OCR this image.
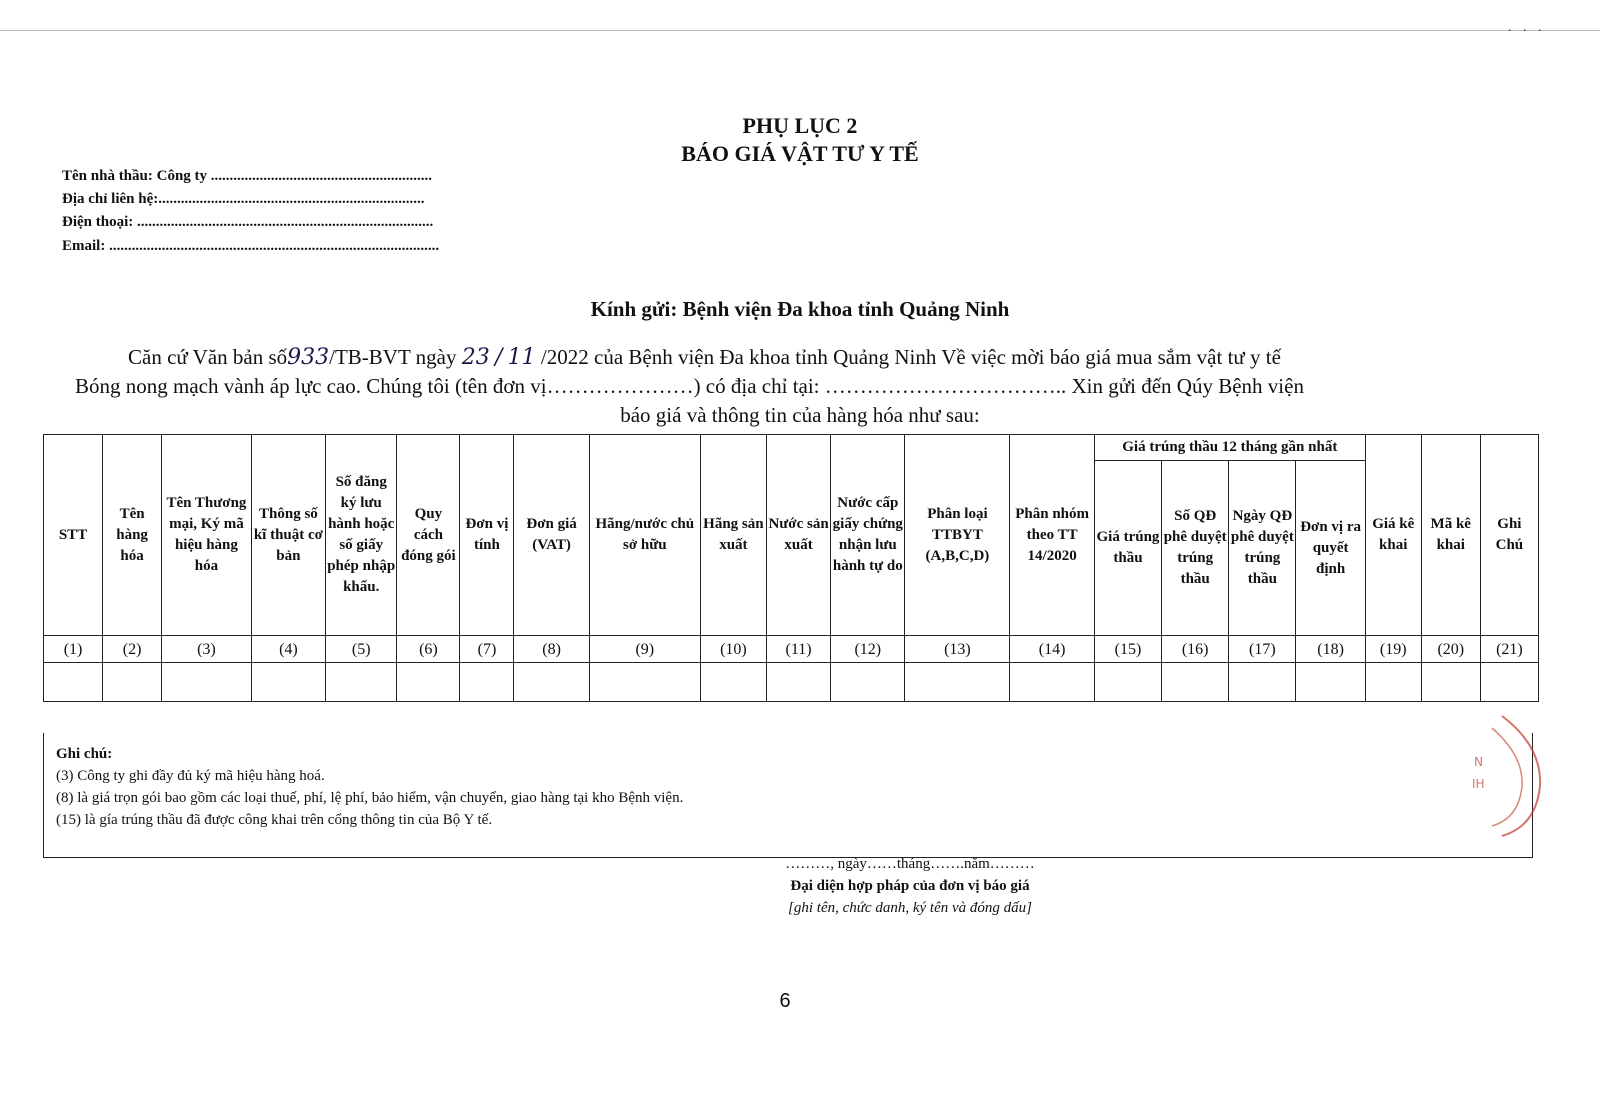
. . .
PHỤ LỤC 2
BÁO GIÁ VẬT TƯ Y TẾ
Tên nhà thầu: Công ty ...........................................................
Địa chỉ liên hệ:.......................................................................
Điện thoại: ...............................................................................
Email: ........................................................................................
Kính gửi: Bệnh viện Đa khoa tỉnh Quảng Ninh
Căn cứ Văn bản số933/TB-BVT ngày 23 / 11 /2022 của Bệnh viện Đa khoa tỉnh Quảng Ninh Về việc mời báo giá mua sắm vật tư y tế
Bóng nong mạch vành áp lực cao. Chúng tôi (tên đơn vị…………………) có địa chỉ tại: …………………………….. Xin gửi đến Qúy Bệnh viện
báo giá và thông tin của hàng hóa như sau:
STT	Tên hàng hóa	Tên Thương mại, Ký mã hiệu hàng hóa	Thông số kĩ thuật cơ bản	Số đăng ký lưu hành hoặc số giấy phép nhập khẩu.	Quy cách đóng gói	Đơn vị tính	Đơn giá (VAT)	Hãng/nước chủ sở hữu	Hãng sản xuất	Nước sản xuất	Nước cấp giấy chứng nhận lưu hành tự do	Phân loại TTBYT (A,B,C,D)	Phân nhóm theo TT 14/2020	Giá trúng thầu 12 tháng gần nhất				Giá kê khai	Mã kê khai	Ghi Chú
														Giá trúng thầu	Số QĐ phê duyệt trúng thầu	Ngày QĐ phê duyệt trúng thầu	Đơn vị ra quyết định			
(1)	(2)	(3)	(4)	(5)	(6)	(7)	(8)	(9)	(10)	(11)	(12)	(13)	(14)	(15)	(16)	(17)	(18)	(19)	(20)	(21)

Ghi chú:
(3) Công ty ghi đầy đủ ký mã hiệu hàng hoá.
(8) là giá trọn gói bao gồm các loại thuế, phí, lệ phí, bảo hiểm, vận chuyển, giao hàng tại kho Bệnh viện.
(15) là gía trúng thầu đã được công khai trên cổng thông tin của Bộ Y tế.
N
IH
………, ngày……tháng…….năm………
Đại diện hợp pháp của đơn vị báo giá
[ghi tên, chức danh, ký tên và đóng dấu]
6
